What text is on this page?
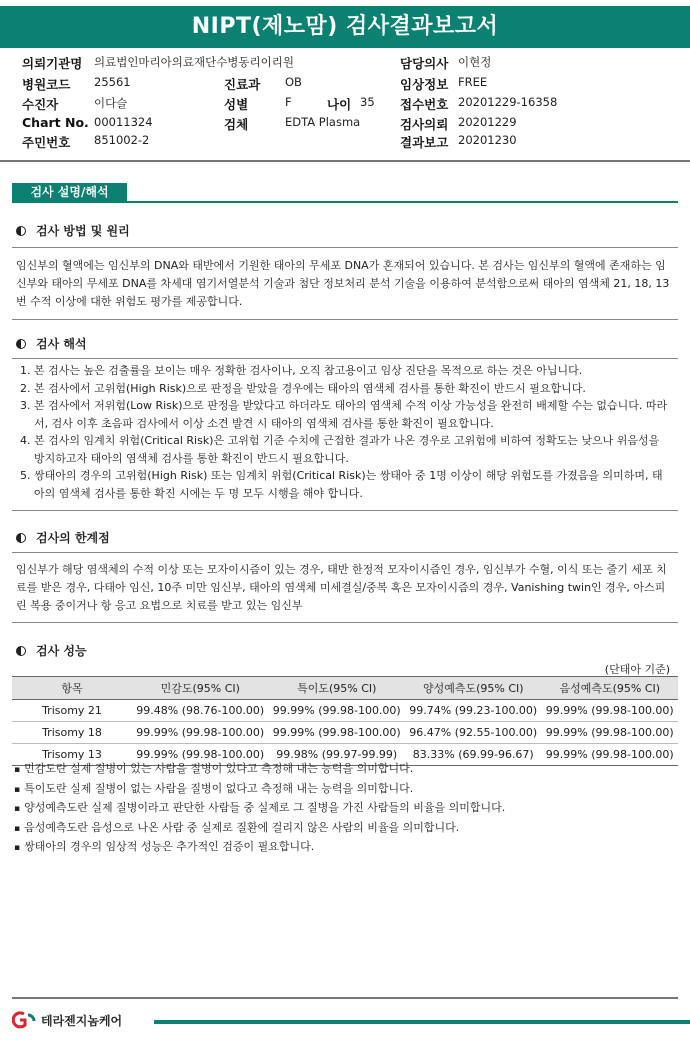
NIPT(제노맘) 검사결과보고서
의뢰기관명 의료법인마리아의료재단수병동리이리원	담당의사 이현정
병원코드 25561	진료과 OB	임상정보 FREE
수진자	이다슬	성별	F	나이 35 접수번호 20201229-16358
Chart No. 00011324	검체	EDTA Plasma	검사의뢰 20201229
주민번호 851002-2	결과보고 20201230
검사 설명/해석
검사 방법 및 원리
임신부의 혈액에는 임신부의 DNA와 태반에서 기원한 태아의 무세포 DNA가 혼재되어 있습니다. 본 검사는 임신부의 혈액에 존재하는 임신부와 태아의 무세포 DNA를 차세대 염기서열분석 기술과 첨단 정보처리 분석 기술을 이용하여 분석함으로써 태아의 염색체 21, 18, 13번 수적 이상에 대한 위험도 평가를 제공합니다.
검사 해석
1. 본 검사는 높은 검출률을 보이는 매우 정확한 검사이나, 오직 참고용이고 임상 진단을 목적으로 하는 것은 아닙니다.
2. 본 검사에서 고위험(High Risk)으로 판정을 받았을 경우에는 태아의 염색체 검사를 통한 확진이 반드시 필요합니다.
3. 본 검사에서 저위험(Low Risk)으로 판정을 받았다고 하더라도 태아의 염색체 수적 이상 가능성을 완전히 배제할 수는 없습니다. 따라서, 검사 이후 초음파 검사에서 이상 소견 발견 시 태아의 염색체 검사를 통한 확진이 필요합니다.
4. 본 검사의 임계치 위험(Critical Risk)은 고위험 기준 수치에 근접한 결과가 나온 경우로 고위험에 비하여 정확도는 낮으나 위음성을 방지하고자 태아의 염색체 검사를 통한 확진이 반드시 필요합니다.
5. 쌍태아의 경우의 고위험(High Risk) 또는 임계치 위험(Critical Risk)는 쌍태아 중 1명 이상이 해당 위험도를 가졌음을 의미하며, 태아의 염색체 검사를 통한 확진 시에는 두 명 모두 시행을 해야 합니다.
검사의 한계점
임신부가 해당 염색체의 수적 이상 또는 모자이시즘이 있는 경우, 태반 한정적 모자이시즘인 경우, 임신부가 수혈, 이식 또는 줄기 세포 치료를 받은 경우, 다태아 임신, 10주 미만 임신부, 태아의 염색체 미세결실/중복 혹은 모자이시즘의 경우, Vanishing twin인 경우, 아스피린 복용 중이거나 항 응고 요법으로 치료를 받고 있는 임신부
검사 성능
(단태아 기준)
항목	민감도(95% CI)	특이도(95% CI)	양성예측도(95% CI)	음성예측도(95% CI)
Trisomy 21	99.48% (98.76-100.00)	99.99% (99.98-100.00)	99.74% (99.23-100.00)	99.99% (99.98-100.00)
Trisomy 18	99.99% (99.98-100.00)	99.99% (99.98-100.00)	96.47% (92.55-100.00)	99.99% (99.98-100.00)
Trisomy 13	99.99% (99.98-100.00)	99.98% (99.97-99.99)	83.33% (69.99-96.67)	99.99% (99.98-100.00)
▪ 민감도란 실제 질병이 있는 사람을 질병이 있다고 측정해 내는 능력을 의미합니다.
▪ 특이도란 실제 질병이 없는 사람을 질병이 없다고 측정해 내는 능력을 의미합니다.
▪ 양성예측도란 실제 질병이라고 판단한 사람들 중 실제로 그 질병을 가진 사람들의 비율을 의미합니다.
▪ 음성예측도란 음성으로 나온 사람 중 실제로 질환에 걸리지 않은 사람의 비율을 의미합니다.
▪ 쌍태아의 경우의 임상적 성능은 추가적인 검증이 필요합니다.
테라젠지놈케어
